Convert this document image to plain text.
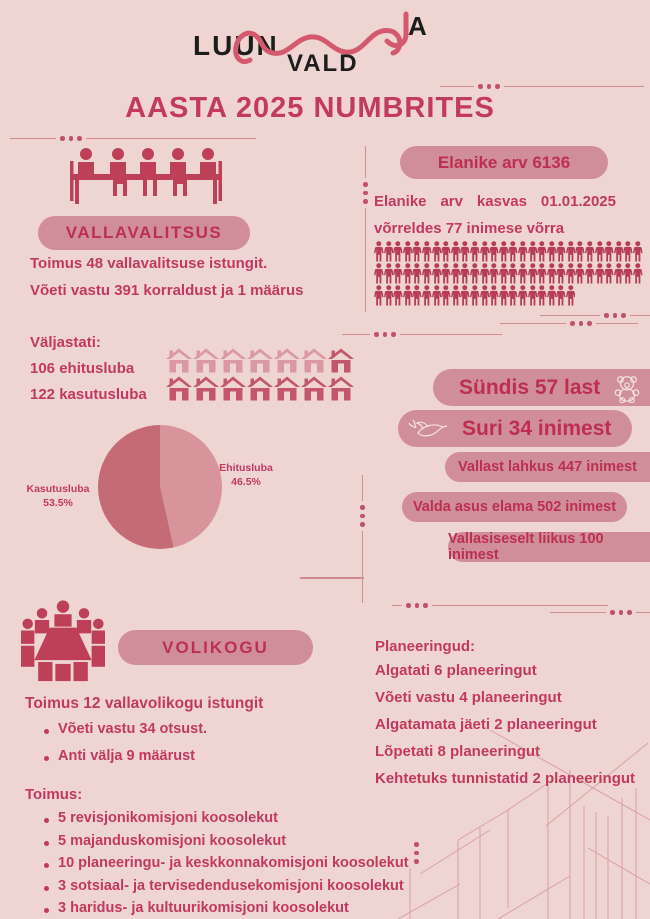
LUUN
VALD
A
AASTA 2025 NUMBRITES
VALLAVALITSUS
Toimus 48 vallavalitsuse istungit.
Võeti vastu 391 korraldust ja 1 määrus
Väljastati:
106 ehitusluba
122 kasutusluba
Ehitusluba
46.5%
Kasutusluba
53.5%
Elanike arv 6136
Elanike arv kasvas 01.01.2025 võrreldes 77 inimese võrra
Sündis 57 last
Suri 34 inimest
Vallast lahkus 447 inimest
Valda asus elama 502 inimest
Vallasiseselt liikus 100 inimest
VOLIKOGU
Toimus 12 vallavolikogu istungit
Võeti vastu 34 otsust.
Anti välja 9 määrust
Toimus:
5 revisjonikomisjoni koosolekut
5 majanduskomisjoni koosolekut
10 planeeringu- ja keskkonnakomisjoni koosolekut
3 sotsiaal- ja tervisedendusekomisjoni koosolekut
3 haridus- ja kultuurikomisjoni koosolekut
Planeeringud:
Algatati 6 planeeringut
Võeti vastu 4 planeeringut
Algatamata jäeti 2 planeeringut
Lõpetati 8 planeeringut
Kehtetuks tunnistatid 2 planeeringut
